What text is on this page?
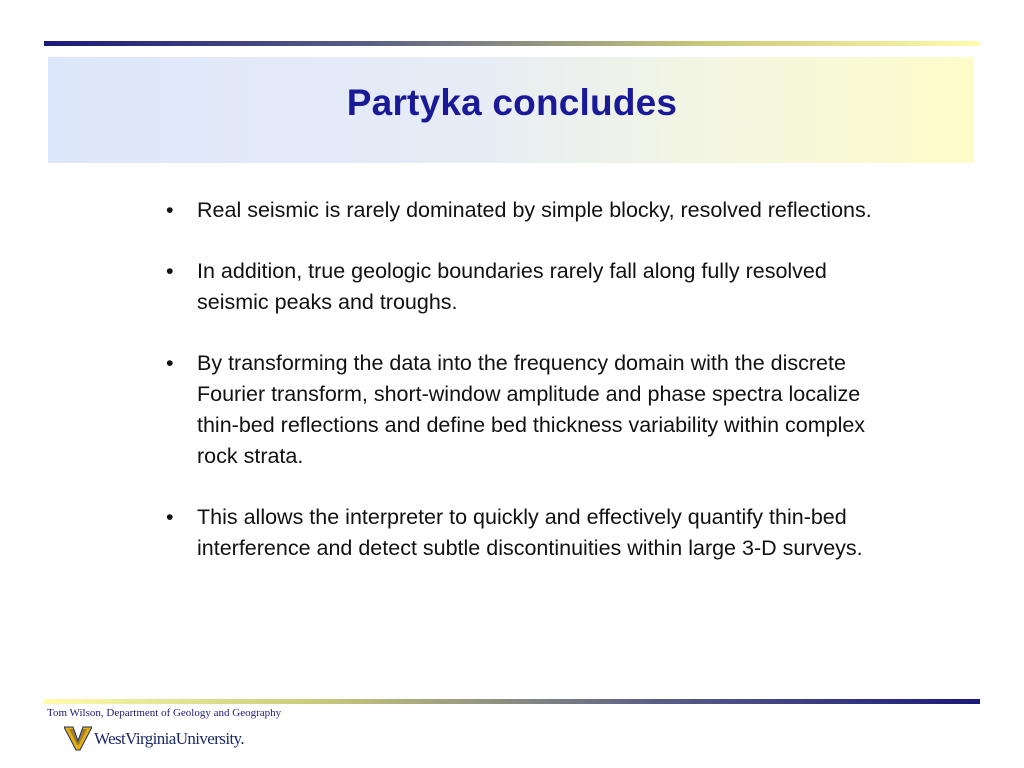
Partyka concludes
• Real seismic is rarely dominated by simple blocky, resolved reflections.
• In addition, true geologic boundaries rarely fall along fully resolved seismic peaks and troughs.
• By transforming the data into the frequency domain with the discrete Fourier transform, short-window amplitude and phase spectra localize thin-bed reflections and define bed thickness variability within complex rock strata.
• This allows the interpreter to quickly and effectively quantify thin-bed interference and detect subtle discontinuities within large 3-D surveys.
Tom Wilson, Department of Geology and Geography
WestVirginiaUniversity.
